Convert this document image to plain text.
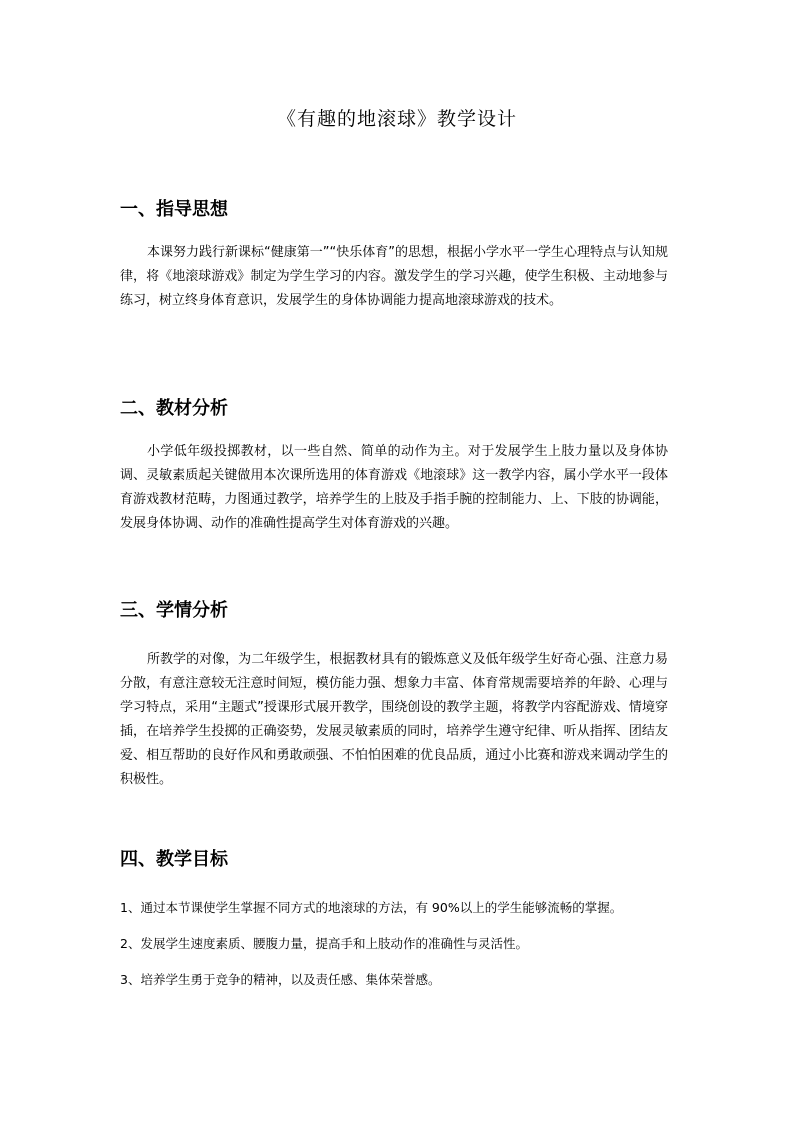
《有趣的地滚球》教学设计
一、指导思想

本课努力践行新课标“健康第一”“快乐体育”的思想，根据小学水平一学生心理特点与认知规律，将《地滚球游戏》制定为学生学习的内容。激发学生的学习兴趣，使学生积极、主动地参与练习，树立终身体育意识，发展学生的身体协调能力提高地滚球游戏的技术。

二、教材分析

小学低年级投掷教材，以一些自然、简单的动作为主。对于发展学生上肢力量以及身体协调、灵敏素质起关键做用本次课所选用的体育游戏《地滚球》这一教学内容，属小学水平一段体育游戏教材范畴，力图通过教学，培养学生的上肢及手指手腕的控制能力、上、下肢的协调能，发展身体协调、动作的准确性提高学生对体育游戏的兴趣。

三、学情分析

所教学的对像，为二年级学生，根据教材具有的锻炼意义及低年级学生好奇心强、注意力易分散，有意注意较无注意时间短，模仿能力强、想象力丰富、体育常规需要培养的年龄、心理与学习特点，采用“主题式”授课形式展开教学，围绕创设的教学主题，将教学内容配游戏、情境穿插，在培养学生投掷的正确姿势，发展灵敏素质的同时，培养学生遵守纪律、听从指挥、团结友爱、相互帮助的良好作风和勇敢顽强、不怕怕困难的优良品质，通过小比赛和游戏来调动学生的积极性。

四、教学目标

1、通过本节课使学生掌握不同方式的地滚球的方法，有 90%以上的学生能够流畅的掌握。

2、发展学生速度素质、腰腹力量，提高手和上肢动作的准确性与灵活性。

3、培养学生勇于竞争的精神，以及责任感、集体荣誉感。
